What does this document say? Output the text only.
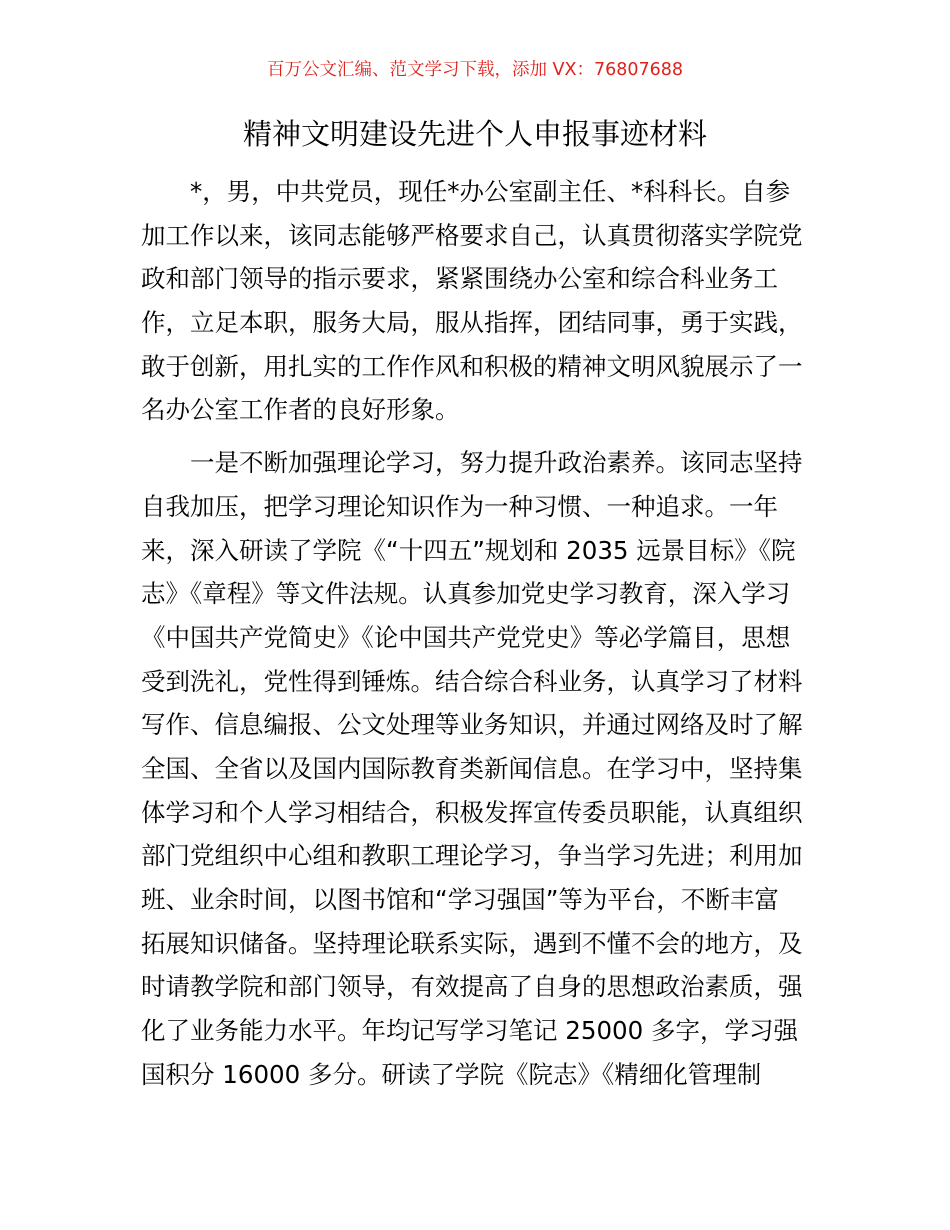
百万公文汇编、范文学习下载，添加 VX：76807688
精神文明建设先进个人申报事迹材料
*，男，中共党员，现任*办公室副主任、*科科长。自参
加工作以来，该同志能够严格要求自己，认真贯彻落实学院党
政和部门领导的指示要求，紧紧围绕办公室和综合科业务工
作，立足本职，服务大局，服从指挥，团结同事，勇于实践，
敢于创新，用扎实的工作作风和积极的精神文明风貌展示了一
名办公室工作者的良好形象。
一是不断加强理论学习，努力提升政治素养。该同志坚持
自我加压，把学习理论知识作为一种习惯、一种追求。一年
来，深入研读了学院《“十四五”规划和 2035 远景目标》《院
志》《章程》等文件法规。认真参加党史学习教育，深入学习
《中国共产党简史》《论中国共产党党史》等必学篇目，思想
受到洗礼，党性得到锤炼。结合综合科业务，认真学习了材料
写作、信息编报、公文处理等业务知识，并通过网络及时了解
全国、全省以及国内国际教育类新闻信息。在学习中，坚持集
体学习和个人学习相结合，积极发挥宣传委员职能，认真组织
部门党组织中心组和教职工理论学习，争当学习先进；利用加
班、业余时间，以图书馆和“学习强国”等为平台，不断丰富
拓展知识储备。坚持理论联系实际，遇到不懂不会的地方，及
时请教学院和部门领导，有效提高了自身的思想政治素质，强
化了业务能力水平。年均记写学习笔记 25000 多字，学习强
国积分 16000 多分。研读了学院《院志》《精细化管理制
